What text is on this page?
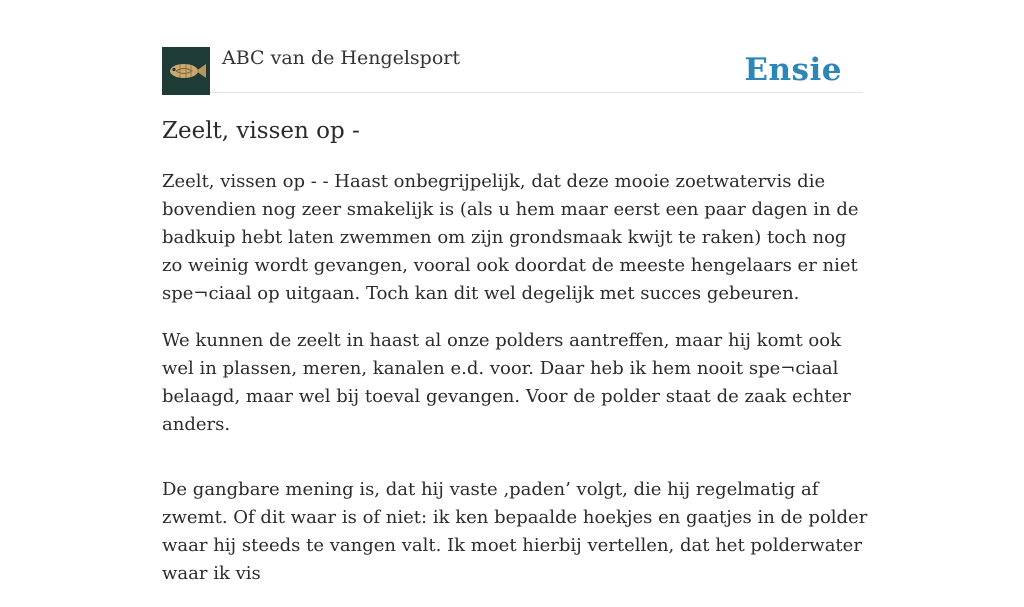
ABC van de Hengelsport	Ensie
Zeelt, vissen op -

Zeelt, vissen op - - Haast onbegrijpelijk, dat deze mooie zoetwatervis die bovendien nog zeer smakelijk is (als u hem maar eerst een paar dagen in de badkuip hebt laten zwemmen om zijn grondsmaak kwijt te raken) toch nog zo weinig wordt gevangen, vooral ook doordat de meeste hengelaars er niet spe¬ciaal op uitgaan. Toch kan dit wel degelijk met succes gebeuren.

We kunnen de zeelt in haast al onze polders aantreffen, maar hij komt ook wel in plassen, meren, kanalen e.d. voor. Daar heb ik hem nooit spe¬ciaal belaagd, maar wel bij toeval gevangen. Voor de polder staat de zaak echter anders.

De gangbare mening is, dat hij vaste ‚paden’ volgt, die hij regelmatig af zwemt. Of dit waar is of niet: ik ken bepaalde hoekjes en gaatjes in de polder waar hij steeds te vangen valt. Ik moet hierbij vertellen, dat het polderwater waar ik vis
